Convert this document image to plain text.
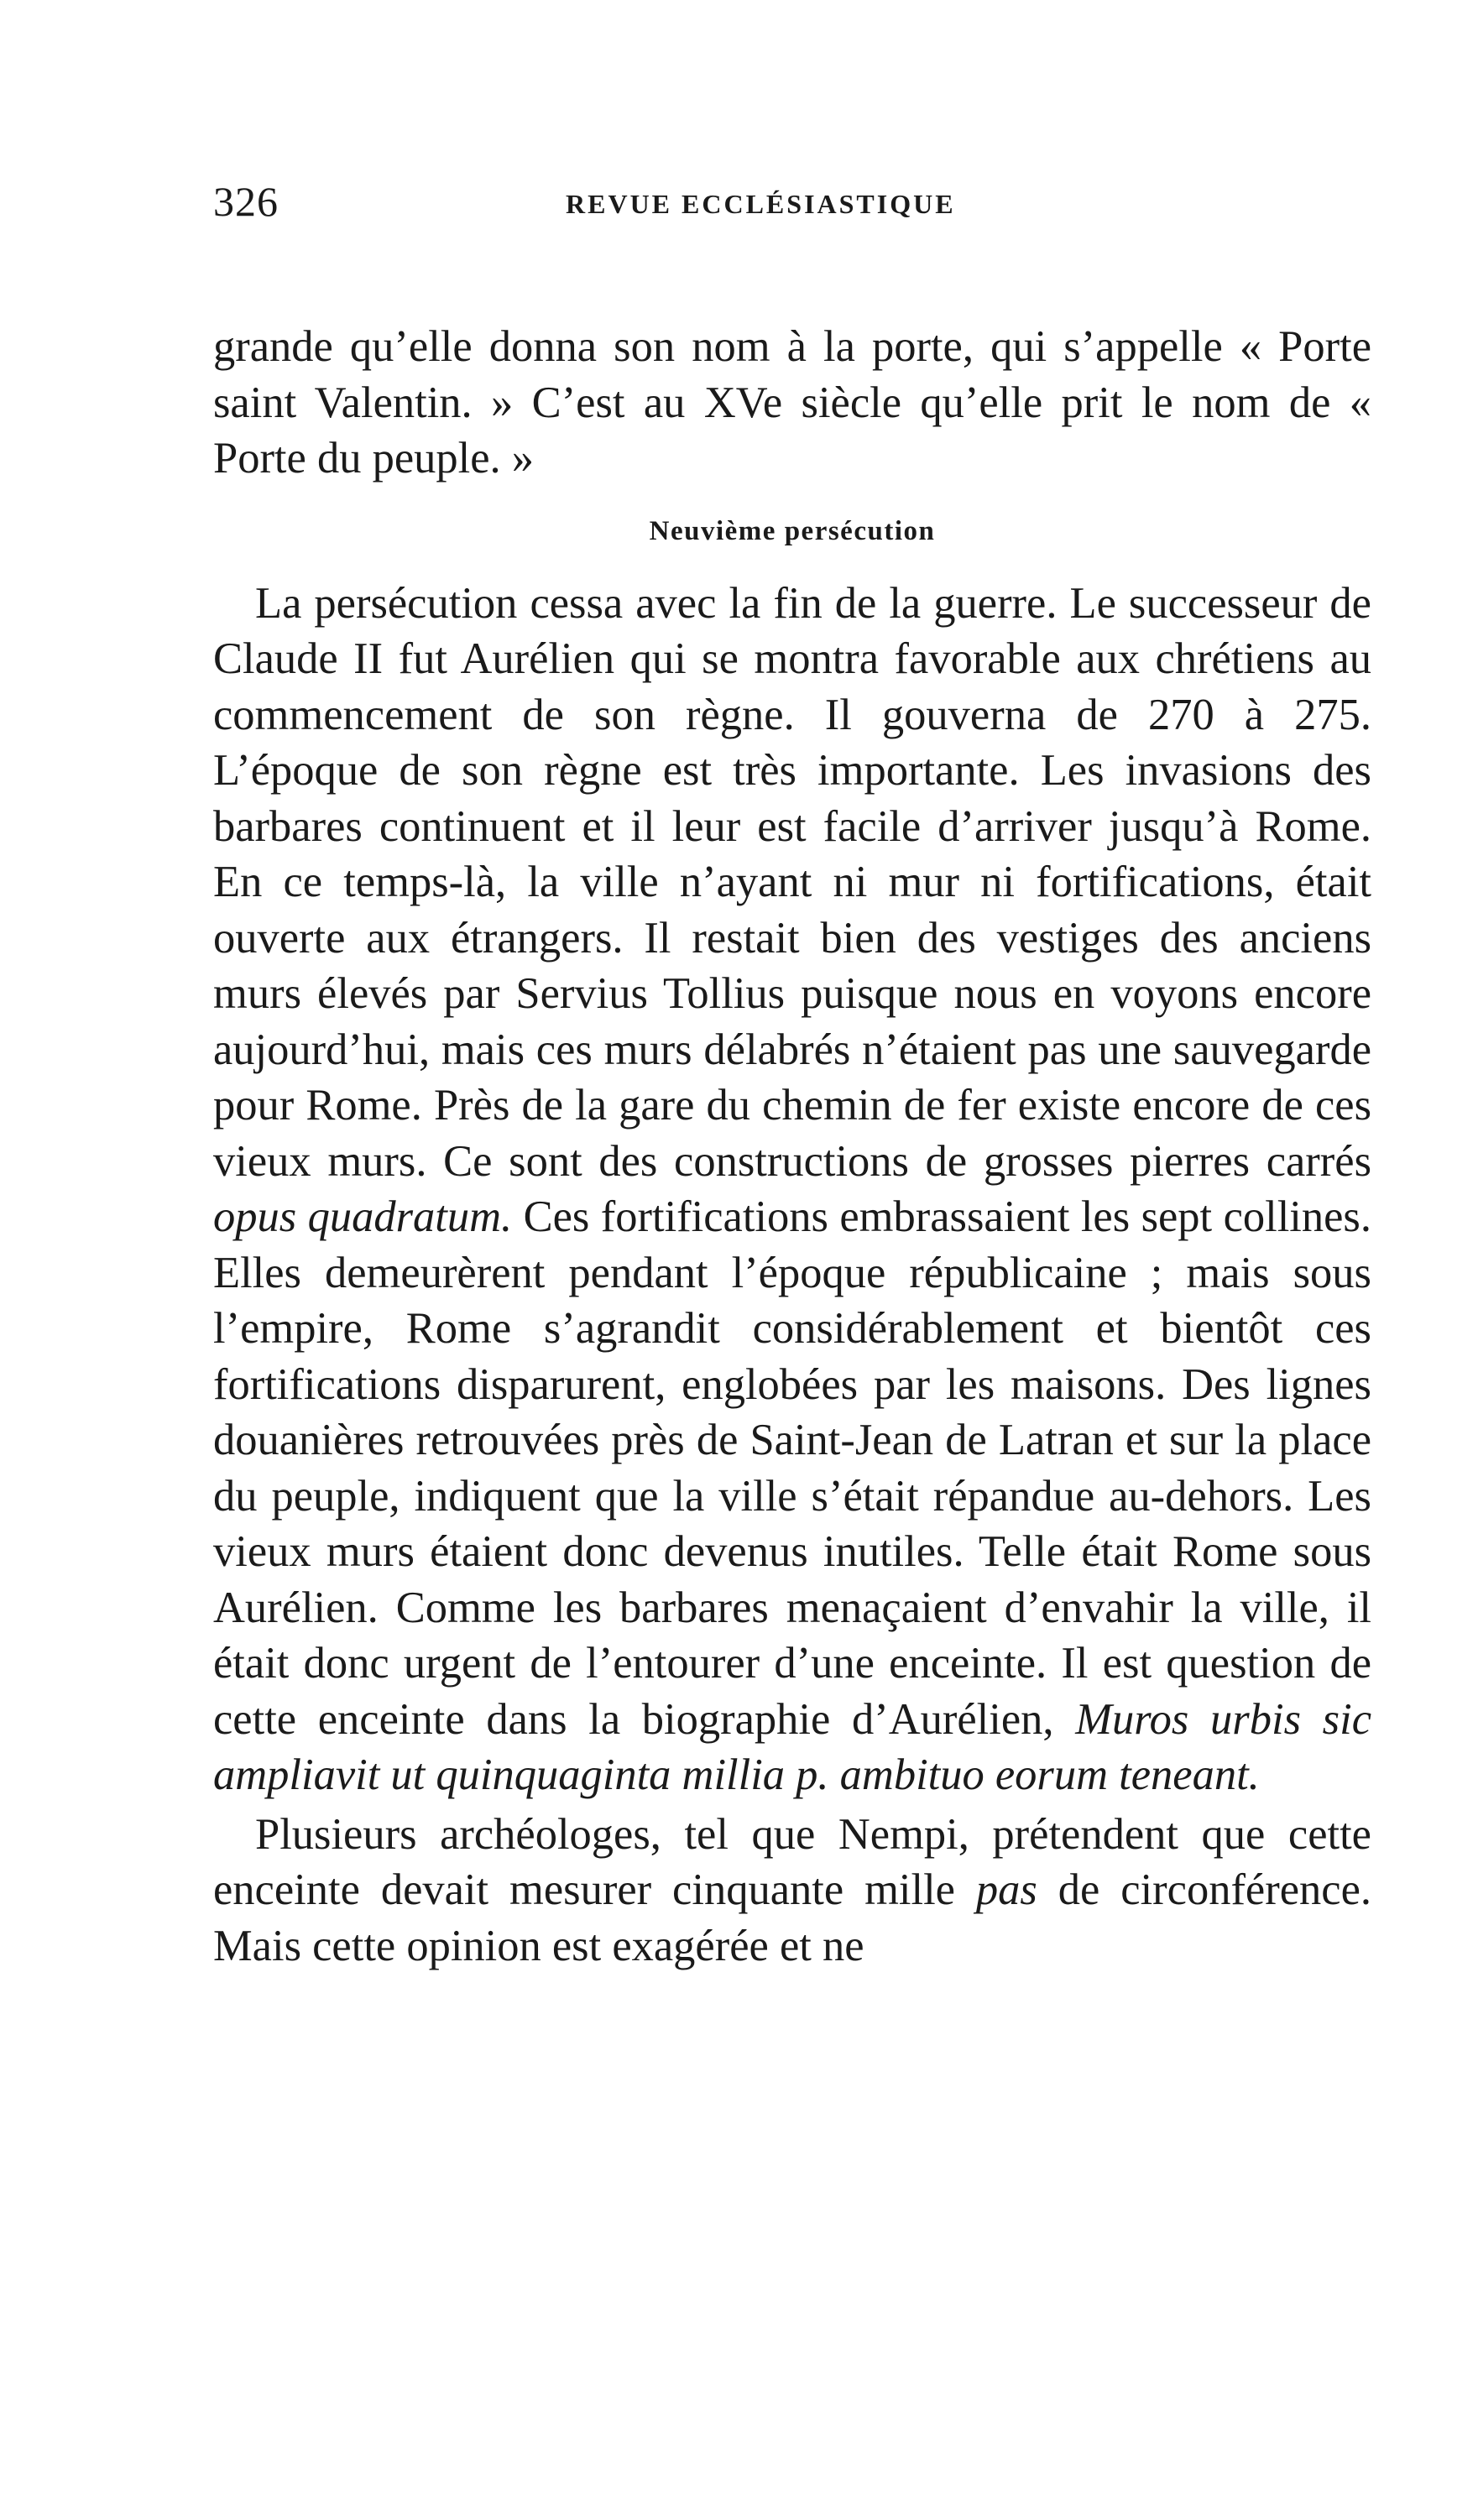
326	REVUE ECCLÉSIASTIQUE

grande qu’elle donna son nom à la porte, qui s’appelle « Porte saint Valentin. » C’est au XVe siècle qu’elle prit le nom de « Porte du peuple. »

Neuvième persécution

La persécution cessa avec la fin de la guerre. Le successeur de Claude II fut Aurélien qui se montra favorable aux chrétiens au commencement de son règne. Il gouverna de 270 à 275. L’époque de son règne est très importante. Les invasions des barbares continuent et il leur est facile d’arriver jusqu’à Rome. En ce temps-là, la ville n’ayant ni mur ni fortifications, était ouverte aux étrangers. Il restait bien des vestiges des anciens murs élevés par Servius Tollius puisque nous en voyons encore aujourd’hui, mais ces murs délabrés n’étaient pas une sauvegarde pour Rome. Près de la gare du chemin de fer existe encore de ces vieux murs. Ce sont des constructions de grosses pierres carrés opus quadratum. Ces fortifications embrassaient les sept collines. Elles demeurèrent pendant l’époque républicaine ; mais sous l’empire, Rome s’agrandit considérablement et bientôt ces fortifications disparurent, englobées par les maisons. Des lignes douanières retrouvées près de Saint-Jean de Latran et sur la place du peuple, indiquent que la ville s’était répandue au-dehors. Les vieux murs étaient donc devenus inutiles. Telle était Rome sous Aurélien. Comme les barbares menaçaient d’envahir la ville, il était donc urgent de l’entourer d’une enceinte. Il est question de cette enceinte dans la biographie d’Aurélien, Muros urbis sic ampliavit ut quinquaginta millia p. ambituo eorum teneant.

Plusieurs archéologes, tel que Nempi, prétendent que cette enceinte devait mesurer cinquante mille pas de circonférence. Mais cette opinion est exagérée et ne
